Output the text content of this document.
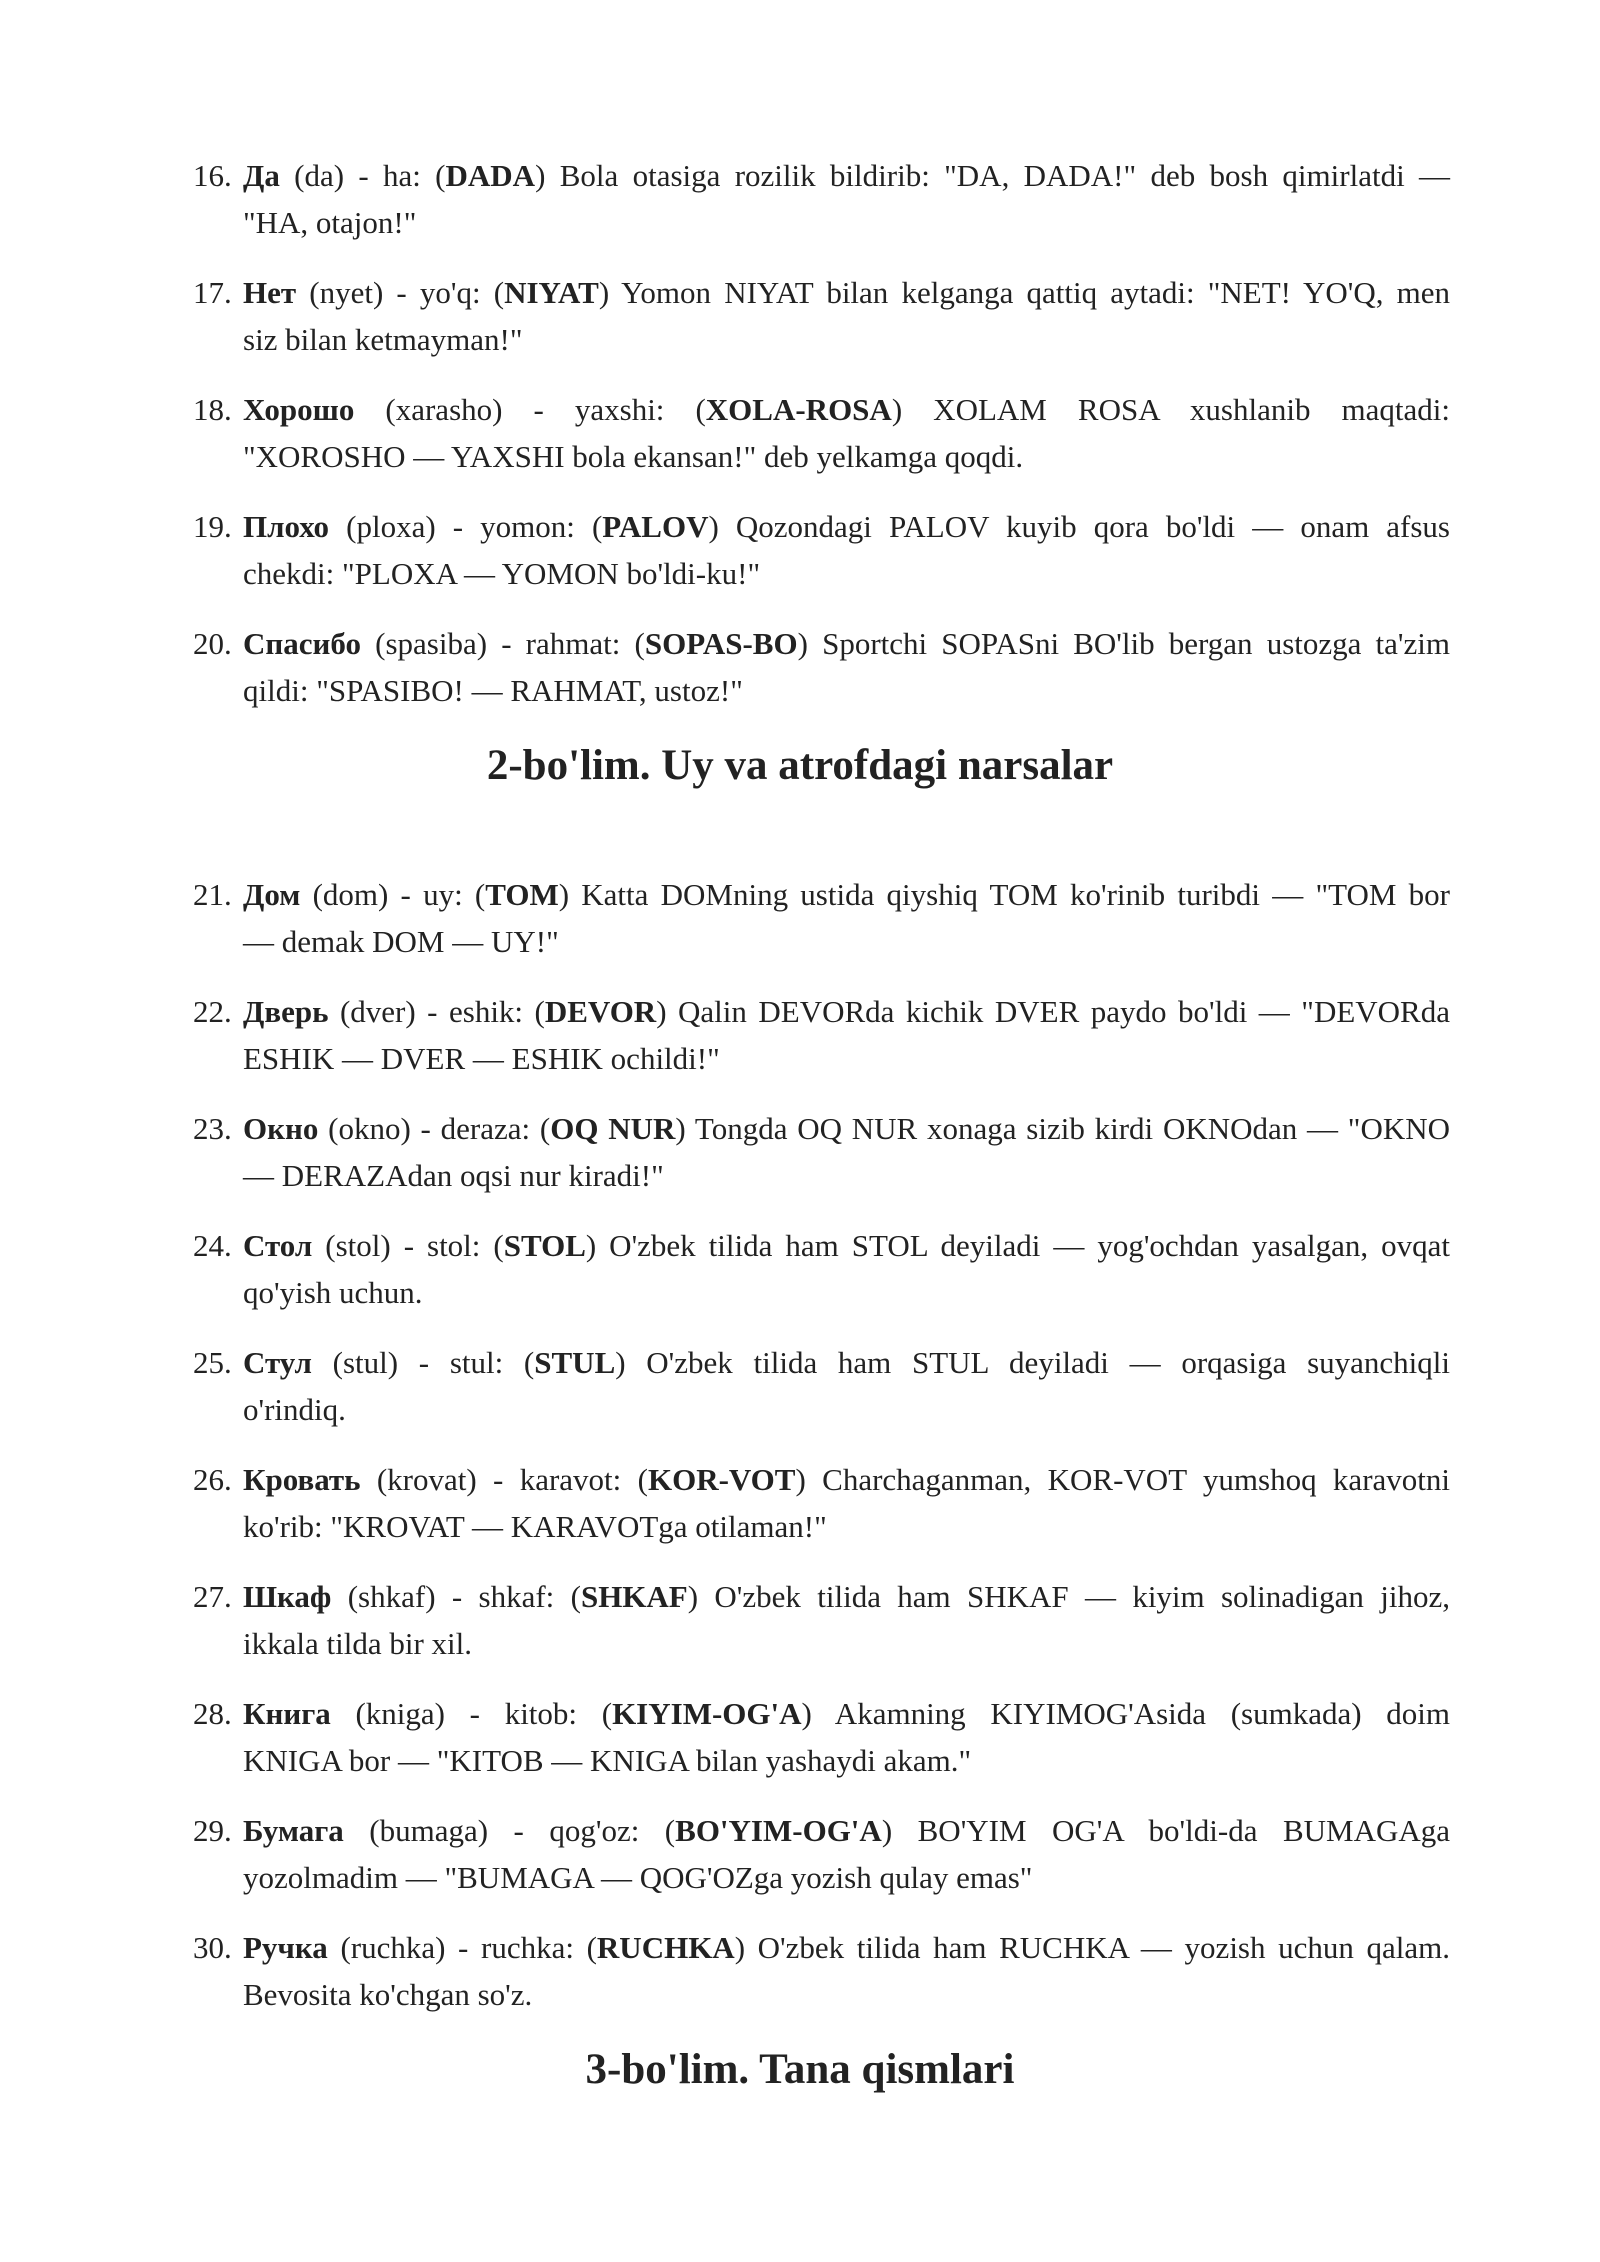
16. Да (da) - ha: (DADA) Bola otasiga rozilik bildirib: "DA, DADA!" deb bosh qimirlatdi —
"HA, otajon!"
17. Нет (nyet) - yo'q: (NIYAT) Yomon NIYAT bilan kelganga qattiq aytadi: "NET! YO'Q, men
siz bilan ketmayman!"
18. Хорошо (xarasho) - yaxshi: (XOLA-ROSA) XOLAM ROSA xushlanib maqtadi:
"XOROSHO — YAXSHI bola ekansan!" deb yelkamga qoqdi.
19. Плохо (ploxa) - yomon: (PALOV) Qozondagi PALOV kuyib qora bo'ldi — onam afsus
chekdi: "PLOXA — YOMON bo'ldi-ku!"
20. Спасибо (spasiba) - rahmat: (SOPAS-BO) Sportchi SOPASni BO'lib bergan ustozga ta'zim
qildi: "SPASIBO! — RAHMAT, ustoz!"
2-bo'lim. Uy va atrofdagi narsalar
21. Дом (dom) - uy: (TOM) Katta DOMning ustida qiyshiq TOM ko'rinib turibdi — "TOM bor
— demak DOM — UY!"
22. Дверь (dver) - eshik: (DEVOR) Qalin DEVORda kichik DVER paydo bo'ldi — "DEVORda
ESHIK — DVER — ESHIK ochildi!"
23. Окно (okno) - deraza: (OQ NUR) Tongda OQ NUR xonaga sizib kirdi OKNOdan — "OKNO
— DERAZAdan oqsi nur kiradi!"
24. Стол (stol) - stol: (STOL) O'zbek tilida ham STOL deyiladi — yog'ochdan yasalgan, ovqat
qo'yish uchun.
25. Стул (stul) - stul: (STUL) O'zbek tilida ham STUL deyiladi — orqasiga suyanchiqli
o'rindiq.
26. Кровать (krovat) - karavot: (KOR-VOT) Charchaganman, KOR-VOT yumshoq karavotni
ko'rib: "KROVAT — KARAVOTga otilaman!"
27. Шкаф (shkaf) - shkaf: (SHKAF) O'zbek tilida ham SHKAF — kiyim solinadigan jihoz,
ikkala tilda bir xil.
28. Книга (kniga) - kitob: (KIYIM-OG'A) Akamning KIYIMOG'Asida (sumkada) doim
KNIGA bor — "KITOB — KNIGA bilan yashaydi akam."
29. Бумага (bumaga) - qog'oz: (BO'YIM-OG'A) BO'YIM OG'A bo'ldi-da BUMAGAga
yozolmadim — "BUMAGA — QOG'OZga yozish qulay emas"
30. Ручка (ruchka) - ruchka: (RUCHKA) O'zbek tilida ham RUCHKA — yozish uchun qalam.
Bevosita ko'chgan so'z.
3-bo'lim. Tana qismlari
